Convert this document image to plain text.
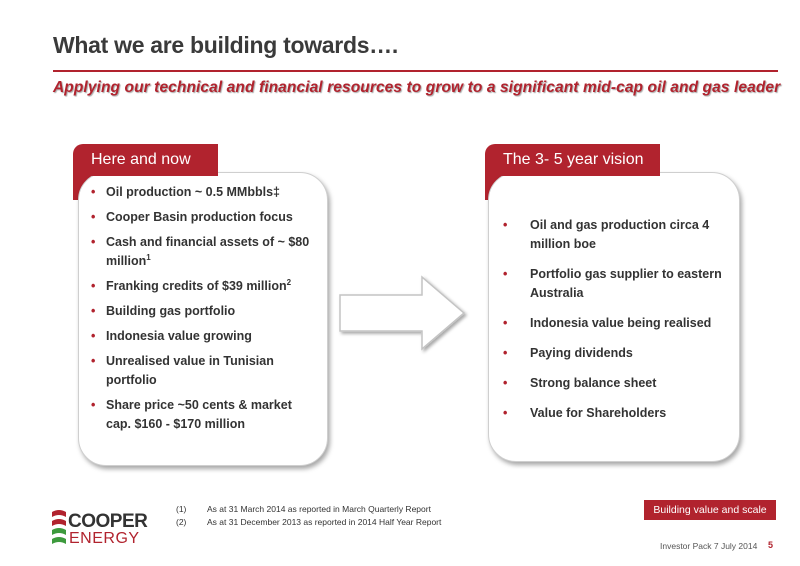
What we are building towards….
Applying our technical and financial resources to grow to a significant mid-cap oil and gas leader
• Oil production ~ 0.5 MMbbls‡
• Cooper Basin production focus
• Cash and financial assets of ~ $80 million$^1$
• Franking credits of $39 million$^2$
• Building gas portfolio
• Indonesia value growing
• Unrealised value in Tunisian portfolio
• Share price ~50 cents & market cap. $160 - $170 million
Here and now
• Oil and gas production circa 4 million boe
• Portfolio gas supplier to eastern Australia
• Indonesia value being realised
• Paying dividends
• Strong balance sheet
• Value for Shareholders
The 3- 5 year vision
COOPER
ENERGY
(1) As at 31 March 2014 as reported in March Quarterly Report
(2) As at 31 December 2013 as reported in 2014 Half Year Report
Building value and scale
Investor Pack 7 July 2014 5
